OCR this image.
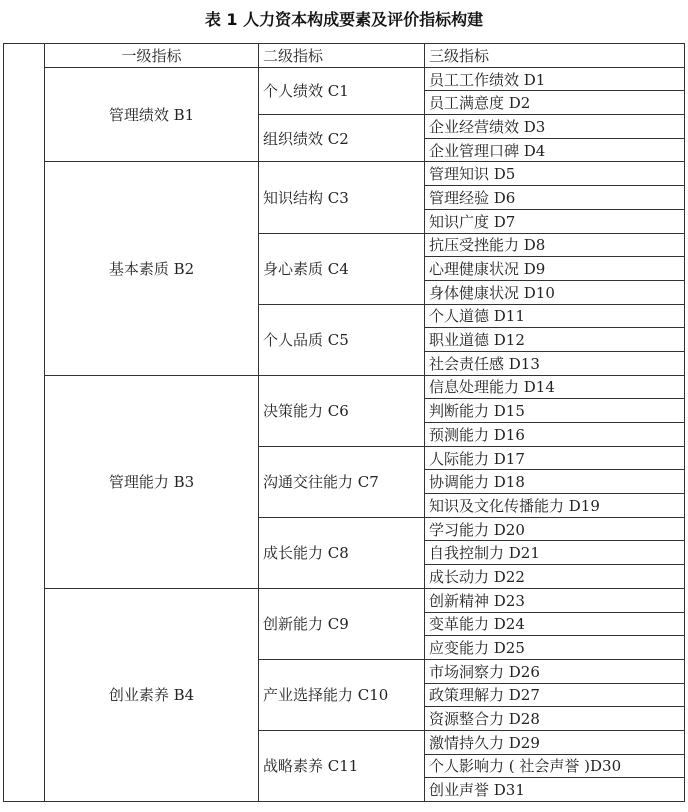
表 1 人力资本构成要素及评价指标构建
	一级指标	二级指标	三级指标
	管理绩效 B1	个人绩效 C1	员工工作绩效 D1
			员工满意度 D2
		组织绩效 C2	企业经营绩效 D3
			企业管理口碑 D4
	基本素质 B2	知识结构 C3	管理知识 D5
			管理经验 D6
			知识广度 D7
		身心素质 C4	抗压受挫能力 D8
			心理健康状况 D9
			身体健康状况 D10
		个人品质 C5	个人道德 D11
			职业道德 D12
			社会责任感 D13
	管理能力 B3	决策能力 C6	信息处理能力 D14
			判断能力 D15
			预测能力 D16
		沟通交往能力 C7	人际能力 D17
			协调能力 D18
			知识及文化传播能力 D19
		成长能力 C8	学习能力 D20
			自我控制力 D21
			成长动力 D22
	创业素养 B4	创新能力 C9	创新精神 D23
			变革能力 D24
			应变能力 D25
		产业选择能力 C10	市场洞察力 D26
			政策理解力 D27
			资源整合力 D28
		战略素养 C11	激情持久力 D29
			个人影响力 ( 社会声誉 )D30
			创业声誉 D31
